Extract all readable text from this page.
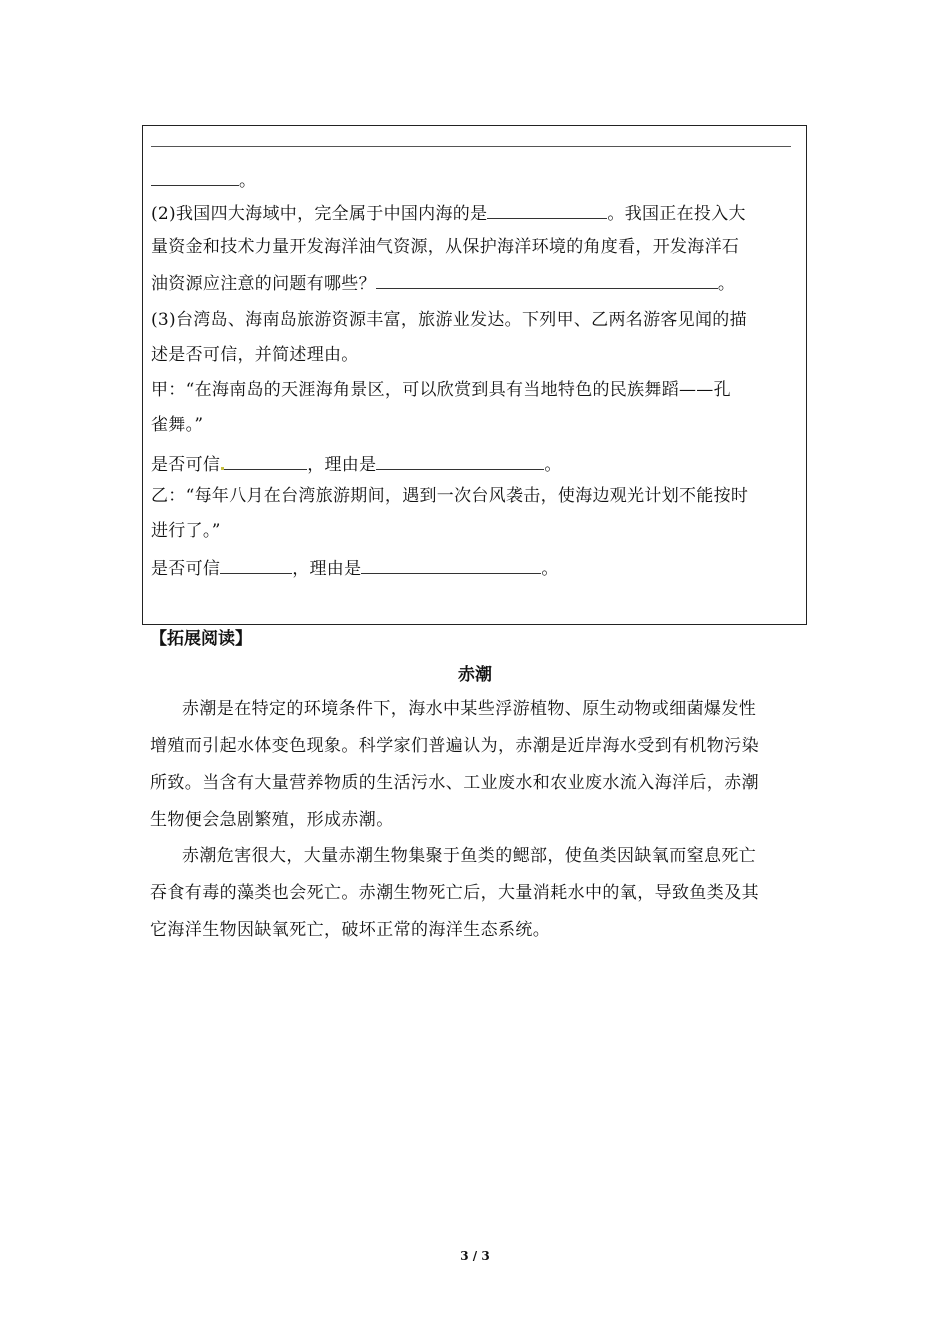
。
(2)我国四大海域中，完全属于中国内海的是	。我国正在投入大
量资金和技术力量开发海洋油气资源，从保护海洋环境的角度看，开发海洋石
油资源应注意的问题有哪些？	。
(3)台湾岛、海南岛旅游资源丰富，旅游业发达。下列甲、乙两名游客见闻的描
述是否可信，并简述理由。
甲：“在海南岛的天涯海角景区，可以欣赏到具有当地特色的民族舞蹈——孔
雀舞。”
是否可信	，理由是	。
乙：“每年八月在台湾旅游期间，遇到一次台风袭击，使海边观光计划不能按时
进行了。”
是否可信	，理由是	。
【拓展阅读】
赤潮
赤潮是在特定的环境条件下，海水中某些浮游植物、原生动物或细菌爆发性
增殖而引起水体变色现象。科学家们普遍认为，赤潮是近岸海水受到有机物污染
所致。当含有大量营养物质的生活污水、工业废水和农业废水流入海洋后，赤潮
生物便会急剧繁殖，形成赤潮。
赤潮危害很大，大量赤潮生物集聚于鱼类的鳃部，使鱼类因缺氧而窒息死亡
吞食有毒的藻类也会死亡。赤潮生物死亡后，大量消耗水中的氧，导致鱼类及其
它海洋生物因缺氧死亡，破坏正常的海洋生态系统。
3 / 3
